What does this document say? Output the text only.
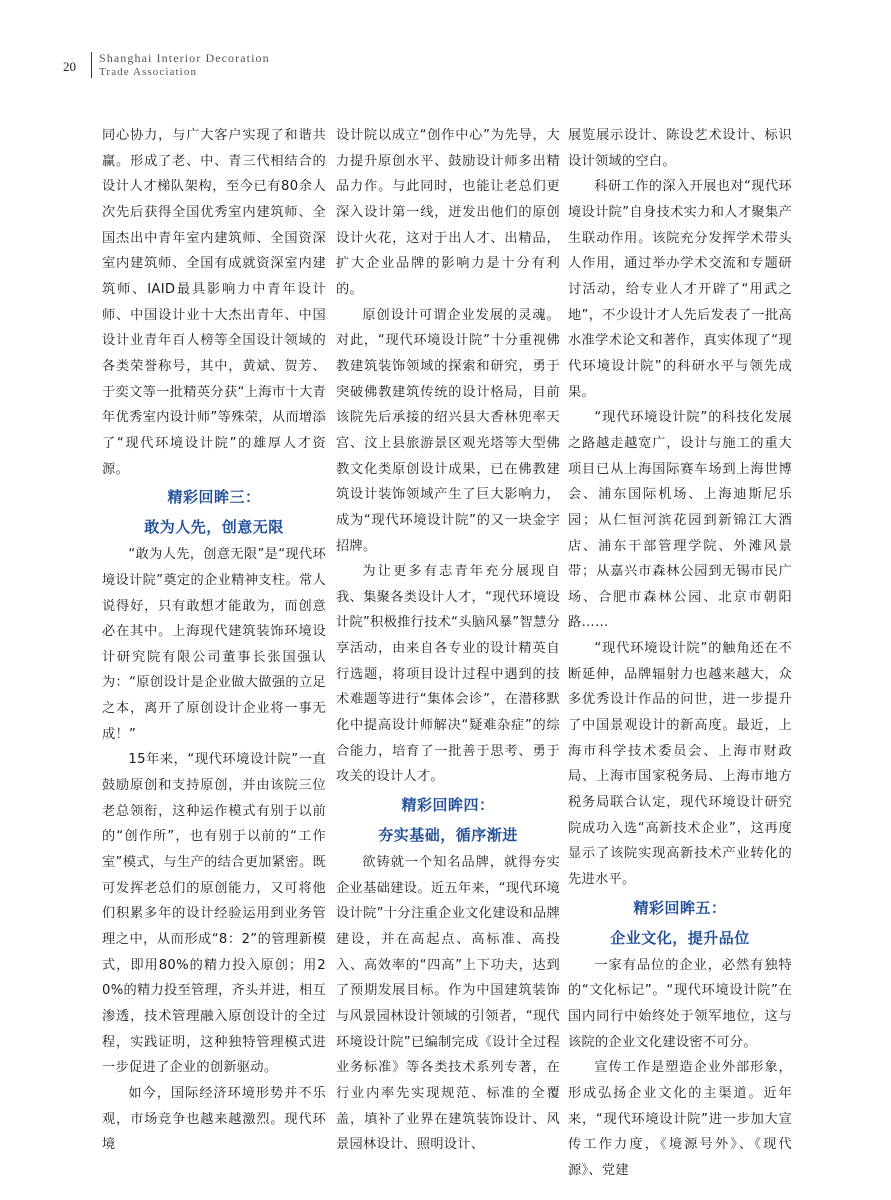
20
Shanghai Interior Decoration
Trade Association

同心协力，与广大客户实现了和谐共赢。形成了老、中、青三代相结合的设计人才梯队架构，至今已有80余人次先后获得全国优秀室内建筑师、全国杰出中青年室内建筑师、全国资深室内建筑师、全国有成就资深室内建筑师、IAID最具影响力中青年设计师、中国设计业十大杰出青年、中国设计业青年百人榜等全国设计领域的各类荣誉称号，其中，黄斌、贺芳、于奕文等一批精英分获“上海市十大青年优秀室内设计师”等殊荣，从而增添了“现代环境设计院”的雄厚人才资源。

精彩回眸三：

敢为人先，创意无限

“敢为人先，创意无限”是“现代环境设计院”奠定的企业精神支柱。常人说得好，只有敢想才能敢为，而创意必在其中。上海现代建筑装饰环境设计研究院有限公司董事长张国强认为：“原创设计是企业做大做强的立足之本，离开了原创设计企业将一事无成！”

15年来，“现代环境设计院”一直鼓励原创和支持原创，并由该院三位老总领衔，这种运作模式有别于以前的“创作所”，也有别于以前的“工作室”模式，与生产的结合更加紧密。既可发挥老总们的原创能力，又可将他们积累多年的设计经验运用到业务管理之中，从而形成“8：2”的管理新模式，即用80%的精力投入原创；用20%的精力投至管理，齐头并进，相互渗透，技术管理融入原创设计的全过程，实践证明，这种独特管理模式进一步促进了企业的创新驱动。

如今，国际经济环境形势并不乐观，市场竞争也越来越激烈。现代环境

设计院以成立“创作中心”为先导，大力提升原创水平、鼓励设计师多出精品力作。与此同时，也能让老总们更深入设计第一线，迸发出他们的原创设计火花，这对于出人才、出精品，扩大企业品牌的影响力是十分有利的。

原创设计可谓企业发展的灵魂。对此，“现代环境设计院”十分重视佛教建筑装饰领域的探索和研究，勇于突破佛教建筑传统的设计格局，目前该院先后承接的绍兴县大香林兜率天宫、汶上县旅游景区观光塔等大型佛教文化类原创设计成果，已在佛教建筑设计装饰领域产生了巨大影响力，成为“现代环境设计院”的又一块金字招牌。

为让更多有志青年充分展现自我、集聚各类设计人才，“现代环境设计院”积极推行技术“头脑风暴”智慧分享活动，由来自各专业的设计精英自行选题，将项目设计过程中遇到的技术难题等进行“集体会诊”，在潜移默化中提高设计师解决“疑难杂症”的综合能力，培育了一批善于思考、勇于攻关的设计人才。

精彩回眸四：

夯实基础，循序渐进

欲铸就一个知名品牌，就得夯实企业基础建设。近五年来，“现代环境设计院”十分注重企业文化建设和品牌建设，并在高起点、高标准、高投入、高效率的“四高”上下功夫，达到了预期发展目标。作为中国建筑装饰与风景园林设计领域的引领者，“现代环境设计院”已编制完成《设计全过程业务标准》等各类技术系列专著，在行业内率先实现规范、标准的全覆盖，填补了业界在建筑装饰设计、风景园林设计、照明设计、

展览展示设计、陈设艺术设计、标识设计领域的空白。

科研工作的深入开展也对“现代环境设计院”自身技术实力和人才聚集产生联动作用。该院充分发挥学术带头人作用，通过举办学术交流和专题研讨活动，给专业人才开辟了“用武之地”，不少设计才人先后发表了一批高水准学术论文和著作，真实体现了“现代环境设计院”的科研水平与领先成果。

“现代环境设计院”的科技化发展之路越走越宽广，设计与施工的重大项目已从上海国际赛车场到上海世博会、浦东国际机场、上海迪斯尼乐园；从仁恒河滨花园到新锦江大酒店、浦东干部管理学院、外滩风景带；从嘉兴市森林公园到无锡市民广场、合肥市森林公园、北京市朝阳路……

“现代环境设计院”的触角还在不断延伸，品牌辐射力也越来越大，众多优秀设计作品的问世，进一步提升了中国景观设计的新高度。最近，上海市科学技术委员会、上海市财政局、上海市国家税务局、上海市地方税务局联合认定，现代环境设计研究院成功入选“高新技术企业”，这再度显示了该院实现高新技术产业转化的先进水平。

精彩回眸五：

企业文化，提升品位

一家有品位的企业，必然有独特的“文化标记”。“现代环境设计院”在国内同行中始终处于领军地位，这与该院的企业文化建设密不可分。

宣传工作是塑造企业外部形象，形成弘扬企业文化的主渠道。近年来，“现代环境设计院”进一步加大宣传工作力度，《境源号外》、《现代源》、党建
